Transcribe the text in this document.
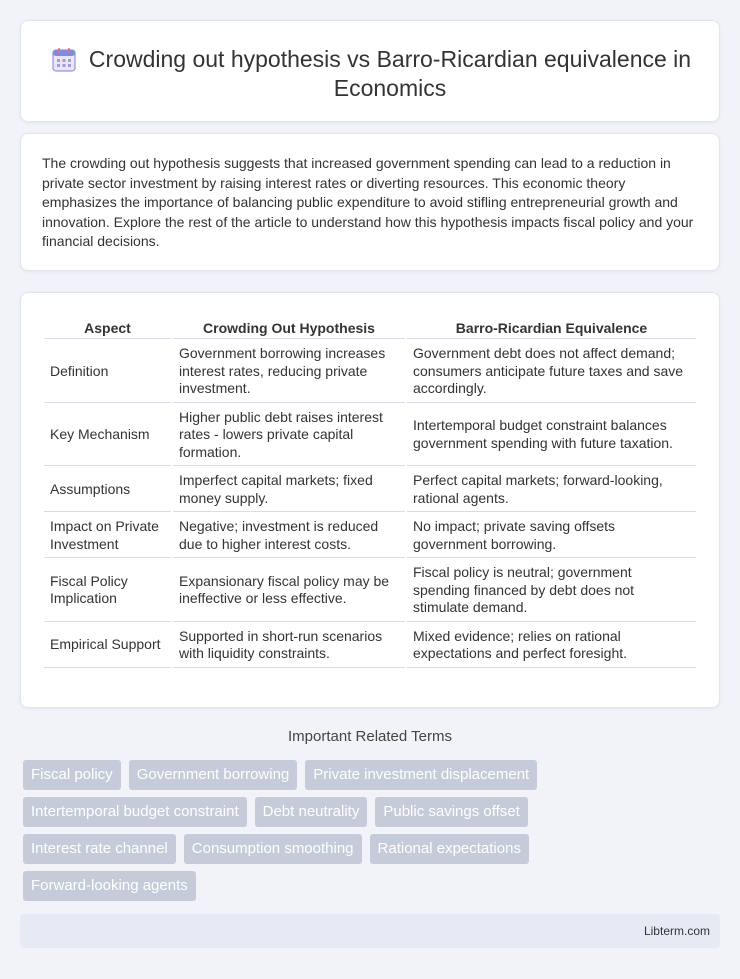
Crowding out hypothesis vs Barro-Ricardian equivalence in Economics

The crowding out hypothesis suggests that increased government spending can lead to a reduction in private sector investment by raising interest rates or diverting resources. This economic theory emphasizes the importance of balancing public expenditure to avoid stifling entrepreneurial growth and innovation. Explore the rest of the article to understand how this hypothesis impacts fiscal policy and your financial decisions.

Aspect	Crowding Out Hypothesis	Barro-Ricardian Equivalence
Definition	Government borrowing increases interest rates, reducing private investment.	Government debt does not affect demand; consumers anticipate future taxes and save accordingly.
Key Mechanism	Higher public debt raises interest rates - lowers private capital formation.	Intertemporal budget constraint balances government spending with future taxation.
Assumptions	Imperfect capital markets; fixed money supply.	Perfect capital markets; forward-looking, rational agents.
Impact on Private Investment	Negative; investment is reduced due to higher interest costs.	No impact; private saving offsets government borrowing.
Fiscal Policy Implication	Expansionary fiscal policy may be ineffective or less effective.	Fiscal policy is neutral; government spending financed by debt does not stimulate demand.
Empirical Support	Supported in short-run scenarios with liquidity constraints.	Mixed evidence; relies on rational expectations and perfect foresight.
Important Related Terms
Fiscal policy	Government borrowing	Private investment displacement
Intertemporal budget constraint	Debt neutrality	Public savings offset
Interest rate channel	Consumption smoothing	Rational expectations
Forward-looking agents
Libterm.com
